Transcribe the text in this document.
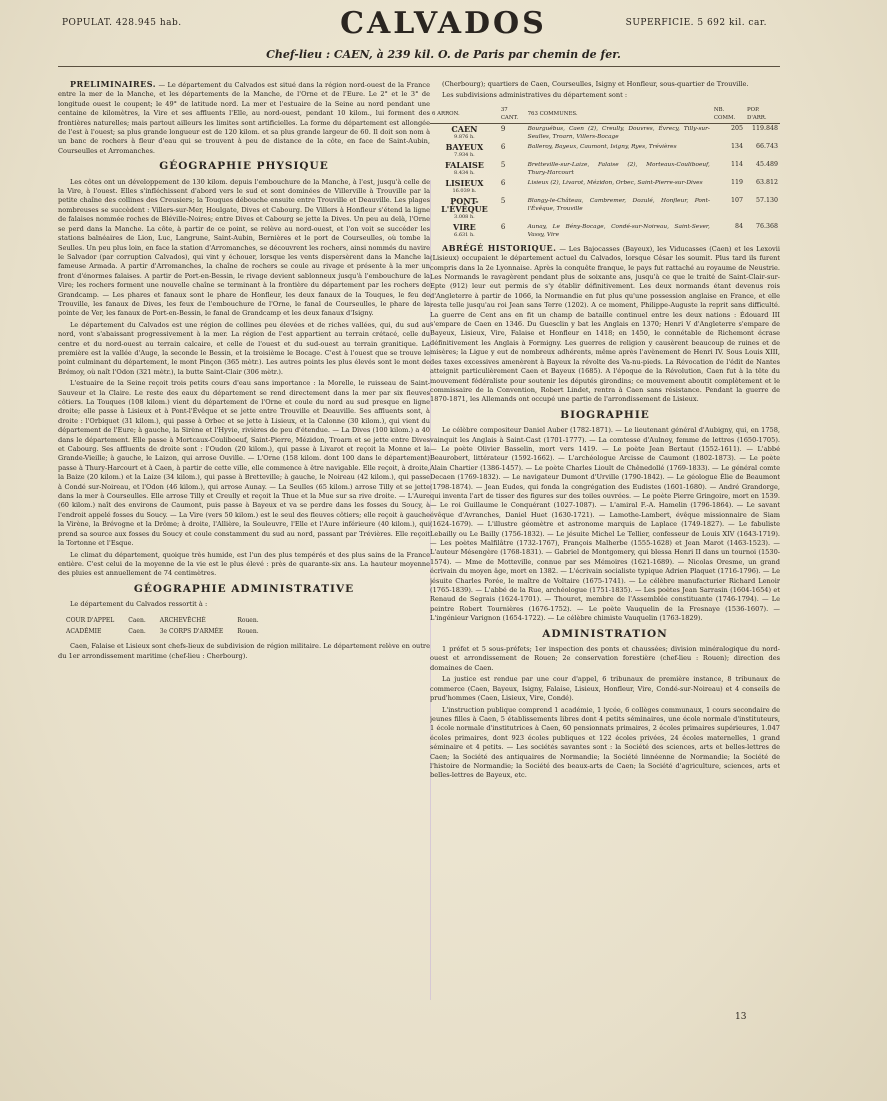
POPULAT. 428.945 hab.	CALVADOS	SUPERFICIE. 5 692 kil. car.
Chef-lieu : CAEN, à 239 kil. O. de Paris par chemin de fer.

PRÉLIMINAIRES. — Le département du Calvados est situé dans la région nord-ouest de la France entre la mer de la Manche, et les départements de la Manche, de l'Orne et de l'Eure. Le 2° et le 3° de longitude ouest le coupent; le 49° de latitude nord. La mer et l'estuaire de la Seine au nord pendant une centaine de kilomètres, la Vire et ses affluents l'Elle, au nord-ouest, pendant 10 kilom., lui forment des frontières naturelles; mais partout ailleurs les limites sont artificielles. La forme du département est allongée de l'est à l'ouest; sa plus grande longueur est de 120 kilom. et sa plus grande largeur de 60. Il doit son nom à un banc de rochers à fleur d'eau qui se trouvent à peu de distance de la côte, en face de Saint-Aubin, Courseulles et Arromanches.

GÉOGRAPHIE PHYSIQUE

Les côtes ont un développement de 130 kilom. depuis l'embouchure de la Manche, à l'est, jusqu'à celle de la Vire, à l'ouest. Elles s'infléchissent d'abord vers le sud et sont dominées de Villerville à Trouville par la petite chaîne des collines des Creusiers; la Touques débouche ensuite entre Trouville et Deauville. Les plages nombreuses se succèdent : Villers-sur-Mer, Houlgate, Dives et Cabourg. De Villers à Honfleur s'étend la ligne de falaises nommée roches de Bléville-Noires; entre Dives et Cabourg se jette la Dives. Un peu au delà, l'Orne se perd dans la Manche. La côte, à partir de ce point, se relève au nord-ouest, et l'on voit se succéder les stations balnéaires de Lion, Luc, Langrune, Saint-Aubin, Bernières et le port de Courseulles, où tombe la Seulles. Un peu plus loin, en face la station d'Arromanches, se découvrent les rochers, ainsi nommés du navire le Salvador (par corruption Calvados), qui vint y échouer, lorsque les vents dispersèrent dans la Manche la fameuse Armada. A partir d'Arromanches, la chaîne de rochers se coule au rivage et présente à la mer un front d'énormes falaises. A partir de Port-en-Bessin, le rivage devient sablonneux jusqu'à l'embouchure de la Vire; les rochers forment une nouvelle chaîne se terminant à la frontière du département par les rochers de Grandcamp. — Les phares et fanaux sont le phare de Honfleur, les deux fanaux de la Touques, le feu de Trouville, les fanaux de Dives, les feux de l'embouchure de l'Orne, le fanal de Courseulles, le phare de la pointe de Ver, les fanaux de Port-en-Bessin, le fanal de Grandcamp et les deux fanaux d'Isigny.

Le département du Calvados est une région de collines peu élevées et de riches vallées, qui, du sud au nord, vont s'abaissant progressivement à la mer. La région de l'est appartient au terrain crétacé, celle du centre et du nord-ouest au terrain calcaire, et celle de l'ouest et du sud-ouest au terrain granitique. La première est la vallée d'Auge, la seconde le Bessin, et la troisième le Bocage. C'est à l'ouest que se trouve le point culminant du département, le mont Pinçon (365 mètr.). Les autres points les plus élevés sont le mont de Brémoy, où naît l'Odon (321 mètr.), la butte Saint-Clair (306 mètr.).

L'estuaire de la Seine reçoit trois petits cours d'eau sans importance : la Morelle, le ruisseau de Saint-Sauveur et la Claire. Le reste des eaux du département se rend directement dans la mer par six fleuves côtiers. La Touques (108 kilom.) vient du département de l'Orne et coule du nord au sud presque en ligne droite; elle passe à Lisieux et à Pont-l'Évêque et se jette entre Trouville et Deauville. Ses affluents sont, à droite : l'Orbiquet (31 kilom.), qui passe à Orbec et se jette à Lisieux, et la Calonne (30 kilom.), qui vient du département de l'Eure; à gauche, la Sirène et l'Hyvie, rivières de peu d'étendue. — La Dives (100 kilom.) a 40 dans le département. Elle passe à Mortcaux-Couliboeuf, Saint-Pierre, Mézidon, Troarn et se jette entre Dives et Cabourg. Ses affluents de droite sont : l'Oudon (20 kilom.), qui passe à Livarot et reçoit la Monne et la Grande-Vieille; à gauche, le Laizon, qui arrose Ouville. — L'Orne (158 kilom. dont 100 dans le département) passe à Thury-Harcourt et à Caen, à partir de cette ville, elle commence à être navigable. Elle reçoit, à droite, la Baize (20 kilom.) et la Laize (34 kilom.), qui passe à Bretteville; à gauche, le Noireau (42 kilom.), qui passe à Condé sur-Noireau, et l'Odon (46 kilom.), qui arrose Aunay. — La Seulles (65 kilom.) arrose Tilly et se jette dans la mer à Courseulles. Elle arrose Tilly et Creully et reçoit la Thue et la Mue sur sa rive droite. — L'Aure (60 kilom.) naît des environs de Caumont, puis passe à Bayeux et va se perdre dans les fosses du Soucy, à l'endroit appelé fosses du Soucy. — La Vire (vers 50 kilom.) est le seul des fleuves côtiers; elle reçoit à gauche la Virène, la Brévogne et la Drôme; à droite, l'Allière, la Souleuvre, l'Elle et l'Aure inférieure (40 kilom.), qui prend sa source aux fosses du Soucy et coule constamment du sud au nord, passant par Trévières. Elle reçoit la Tortonne et l'Esque.

Le climat du département, quoique très humide, est l'un des plus tempérés et des plus sains de la France entière. C'est celui de la moyenne de la vie est le plus élevé : près de quarante-six ans. La hauteur moyenne des pluies est annuellement de 74 centimètres.

GÉOGRAPHIE ADMINISTRATIVE

Le département du Calvados ressortit à :

COUR D'APPEL	Caen.	ARCHEVÊCHÉ	Rouen.
ACADÉMIE	Caen.	3e CORPS D'ARMÉE	Rouen.

Caen, Falaise et Lisieux sont chefs-lieux de subdivision de région militaire. Le département relève en outre du 1er arrondissement maritime (chef-lieu : Cherbourg).

(Cherbourg); quartiers de Caen, Courseulles, Isigny et Honfleur, sous-quartier de Trouville.

Les subdivisions administratives du département sont :

6 ARRON.	37 CANT.	763 COMMUNES.	NB. COMM.	POP. D'ARR.
CAEN
9.876 h.	9	Bourguébus, Caen (2), Creully, Douvres, Évrecy, Tilly-sur-Seulles, Troarn, Villers-Bocage	205	119.848
BAYEUX
7.934 h.	6	Balleroy, Bayeux, Caumont, Isigny, Ryes, Trévières	134	66.743
FALAISE
8.434 h.	5	Bretteville-sur-Laize, Falaise (2), Morteaux-Couliboeuf, Thury-Harcourt	114	45.489
LISIEUX
16.039 h.	6	Lisieux (2), Livarot, Mézidon, Orbec, Saint-Pierre-sur-Dives	119	63.812
PONT-L'ÉVÊQUE
3.008 h.	5	Blangy-le-Château, Cambremer, Dozulé, Honfleur, Pont-l'Évêque, Trouville	107	57.130
VIRE
6.631 h.	6	Aunay, Le Bény-Bocage, Condé-sur-Noireau, Saint-Sever, Vassy, Vire	84	76.368

ABRÉGÉ HISTORIQUE. — Les Bajocasses (Bayeux), les Viducasses (Caen) et les Lexovii (Lisieux) occupaient le département actuel du Calvados, lorsque César les soumit. Plus tard ils furent compris dans la 2e Lyonnaise. Après la conquête franque, le pays fut rattaché au royaume de Neustrie. Les Normands le ravagèrent pendant plus de soixante ans, jusqu'à ce que le traité de Saint-Clair-sur-Epte (912) leur eut permis de s'y établir définitivement. Les deux normands étant devenus rois d'Angleterre à partir de 1066, la Normandie en fut plus qu'une possession anglaise en France, et elle resta telle jusqu'au roi Jean sans Terre (1202). A ce moment, Philippe-Auguste la reprit sans difficulté. La guerre de Cent ans en fit un champ de bataille continuel entre les deux nations : Édouard III s'empare de Caen en 1346. Du Guesclin y bat les Anglais en 1370; Henri V d'Angleterre s'empare de Bayeux, Lisieux, Vire, Falaise et Honfleur en 1418; en 1450, le connétable de Richemont écrase définitivement les Anglais à Formigny. Les guerres de religion y causèrent beaucoup de ruines et de misères; la Ligue y eut de nombreux adhérents, même après l'avènement de Henri IV. Sous Louis XIII, des taxes excessives amenèrent à Bayeux la révolte des Va-nu-pieds. La Révocation de l'édit de Nantes atteignit particulièrement Caen et Bayeux (1685). A l'époque de la Révolution, Caen fut à la tête du mouvement fédéraliste pour soutenir les députés girondins; ce mouvement aboutit complètement et le commissaire de la Convention, Robert Lindet, rentra à Caen sans résistance. Pendant la guerre de 1870-1871, les Allemands ont occupé une partie de l'arrondissement de Lisieux.

BIOGRAPHIE

Le célèbre compositeur Daniel Auber (1782-1871). — Le lieutenant général d'Aubigny, qui, en 1758, vainquit les Anglais à Saint-Cast (1701-1777). — La comtesse d'Aulnoy, femme de lettres (1650-1705). — Le poète Olivier Basselin, mort vers 1419. — Le poète Jean Bertaut (1552-1611). — L'abbé Beaurobert, littérateur (1592-1662). — L'archéologue Arcisse de Caumont (1802-1873). — Le poète Alain Chartier (1386-1457). — Le poète Charles Lioult de Chênedollé (1769-1833). — Le général comte Decaen (1769-1832). — Le navigateur Dumont d'Urville (1790-1842). — Le géologue Élie de Beaumont (1798-1874). — Jean Eudes, qui fonda la congrégation des Eudistes (1601-1680). — André Grandorge, qui inventa l'art de tisser des figures sur des toiles ouvrées. — Le poète Pierre Gringoire, mort en 1539. — Le roi Guillaume le Conquérant (1027-1087). — L'amiral F.-A. Hamelin (1796-1864). — Le savant évêque d'Avranches, Daniel Huet (1630-1721). — Lamothe-Lambert, évêque missionnaire de Siam (1624-1679). — L'illustre géomètre et astronome marquis de Laplace (1749-1827). — Le fabuliste Lebailly ou Le Bailly (1756-1832). — Le jésuite Michel Le Tellier, confesseur de Louis XIV (1643-1719). — Les poètes Malfilâtre (1732-1767), François Malherbe (1555-1628) et Jean Marot (1463-1523). — L'auteur Mésengère (1768-1831). — Gabriel de Montgomery, qui blessa Henri II dans un tournoi (1530-1574). — Mme de Motteville, connue par ses Mémoires (1621-1689). — Nicolas Oresme, un grand écrivain du moyen âge, mort en 1382. — L'écrivain socialiste typique Adrien Plaquet (1716-1796). — Le jésuite Charles Porée, le maître de Voltaire (1675-1741). — Le célèbre manufacturier Richard Lenoir (1765-1839). — L'abbé de la Rue, archéologue (1751-1835). — Les poètes Jean Sarrasin (1604-1654) et Renaud de Segrais (1624-1701). — Thouret, membre de l'Assemblée constituante (1746-1794). — Le peintre Robert Tournières (1676-1752). — Le poète Vauquelin de la Fresnaye (1536-1607). — L'ingénieur Varignon (1654-1722). — Le célèbre chimiste Vauquelin (1763-1829).

ADMINISTRATION

1 préfet et 5 sous-préfets; 1er inspection des ponts et chaussées; division minéralogique du nord-ouest et arrondissement de Rouen; 2e conservation forestière (chef-lieu : Rouen); direction des domaines de Caen.

La justice est rendue par une cour d'appel, 6 tribunaux de première instance, 8 tribunaux de commerce (Caen, Bayeux, Isigny, Falaise, Lisieux, Honfleur, Vire, Condé-sur-Noireau) et 4 conseils de prud'hommes (Caen, Lisieux, Vire, Condé).

L'instruction publique comprend 1 académie, 1 lycée, 6 collèges communaux, 1 cours secondaire de jeunes filles à Caen, 5 établissements libres dont 4 petits séminaires, une école normale d'instituteurs, 1 école normale d'institutrices à Caen, 60 pensionnats primaires, 2 écoles primaires supérieures, 1.047 écoles primaires, dont 923 écoles publiques et 122 écoles privées, 24 écoles maternelles, 1 grand séminaire et 4 petits. — Les sociétés savantes sont : la Société des sciences, arts et belles-lettres de Caen; la Société des antiquaires de Normandie; la Société linnéenne de Normandie; la Société de l'histoire de Normandie; la Société des beaux-arts de Caen; la Société d'agriculture, sciences, arts et belles-lettres de Bayeux, etc.

13
